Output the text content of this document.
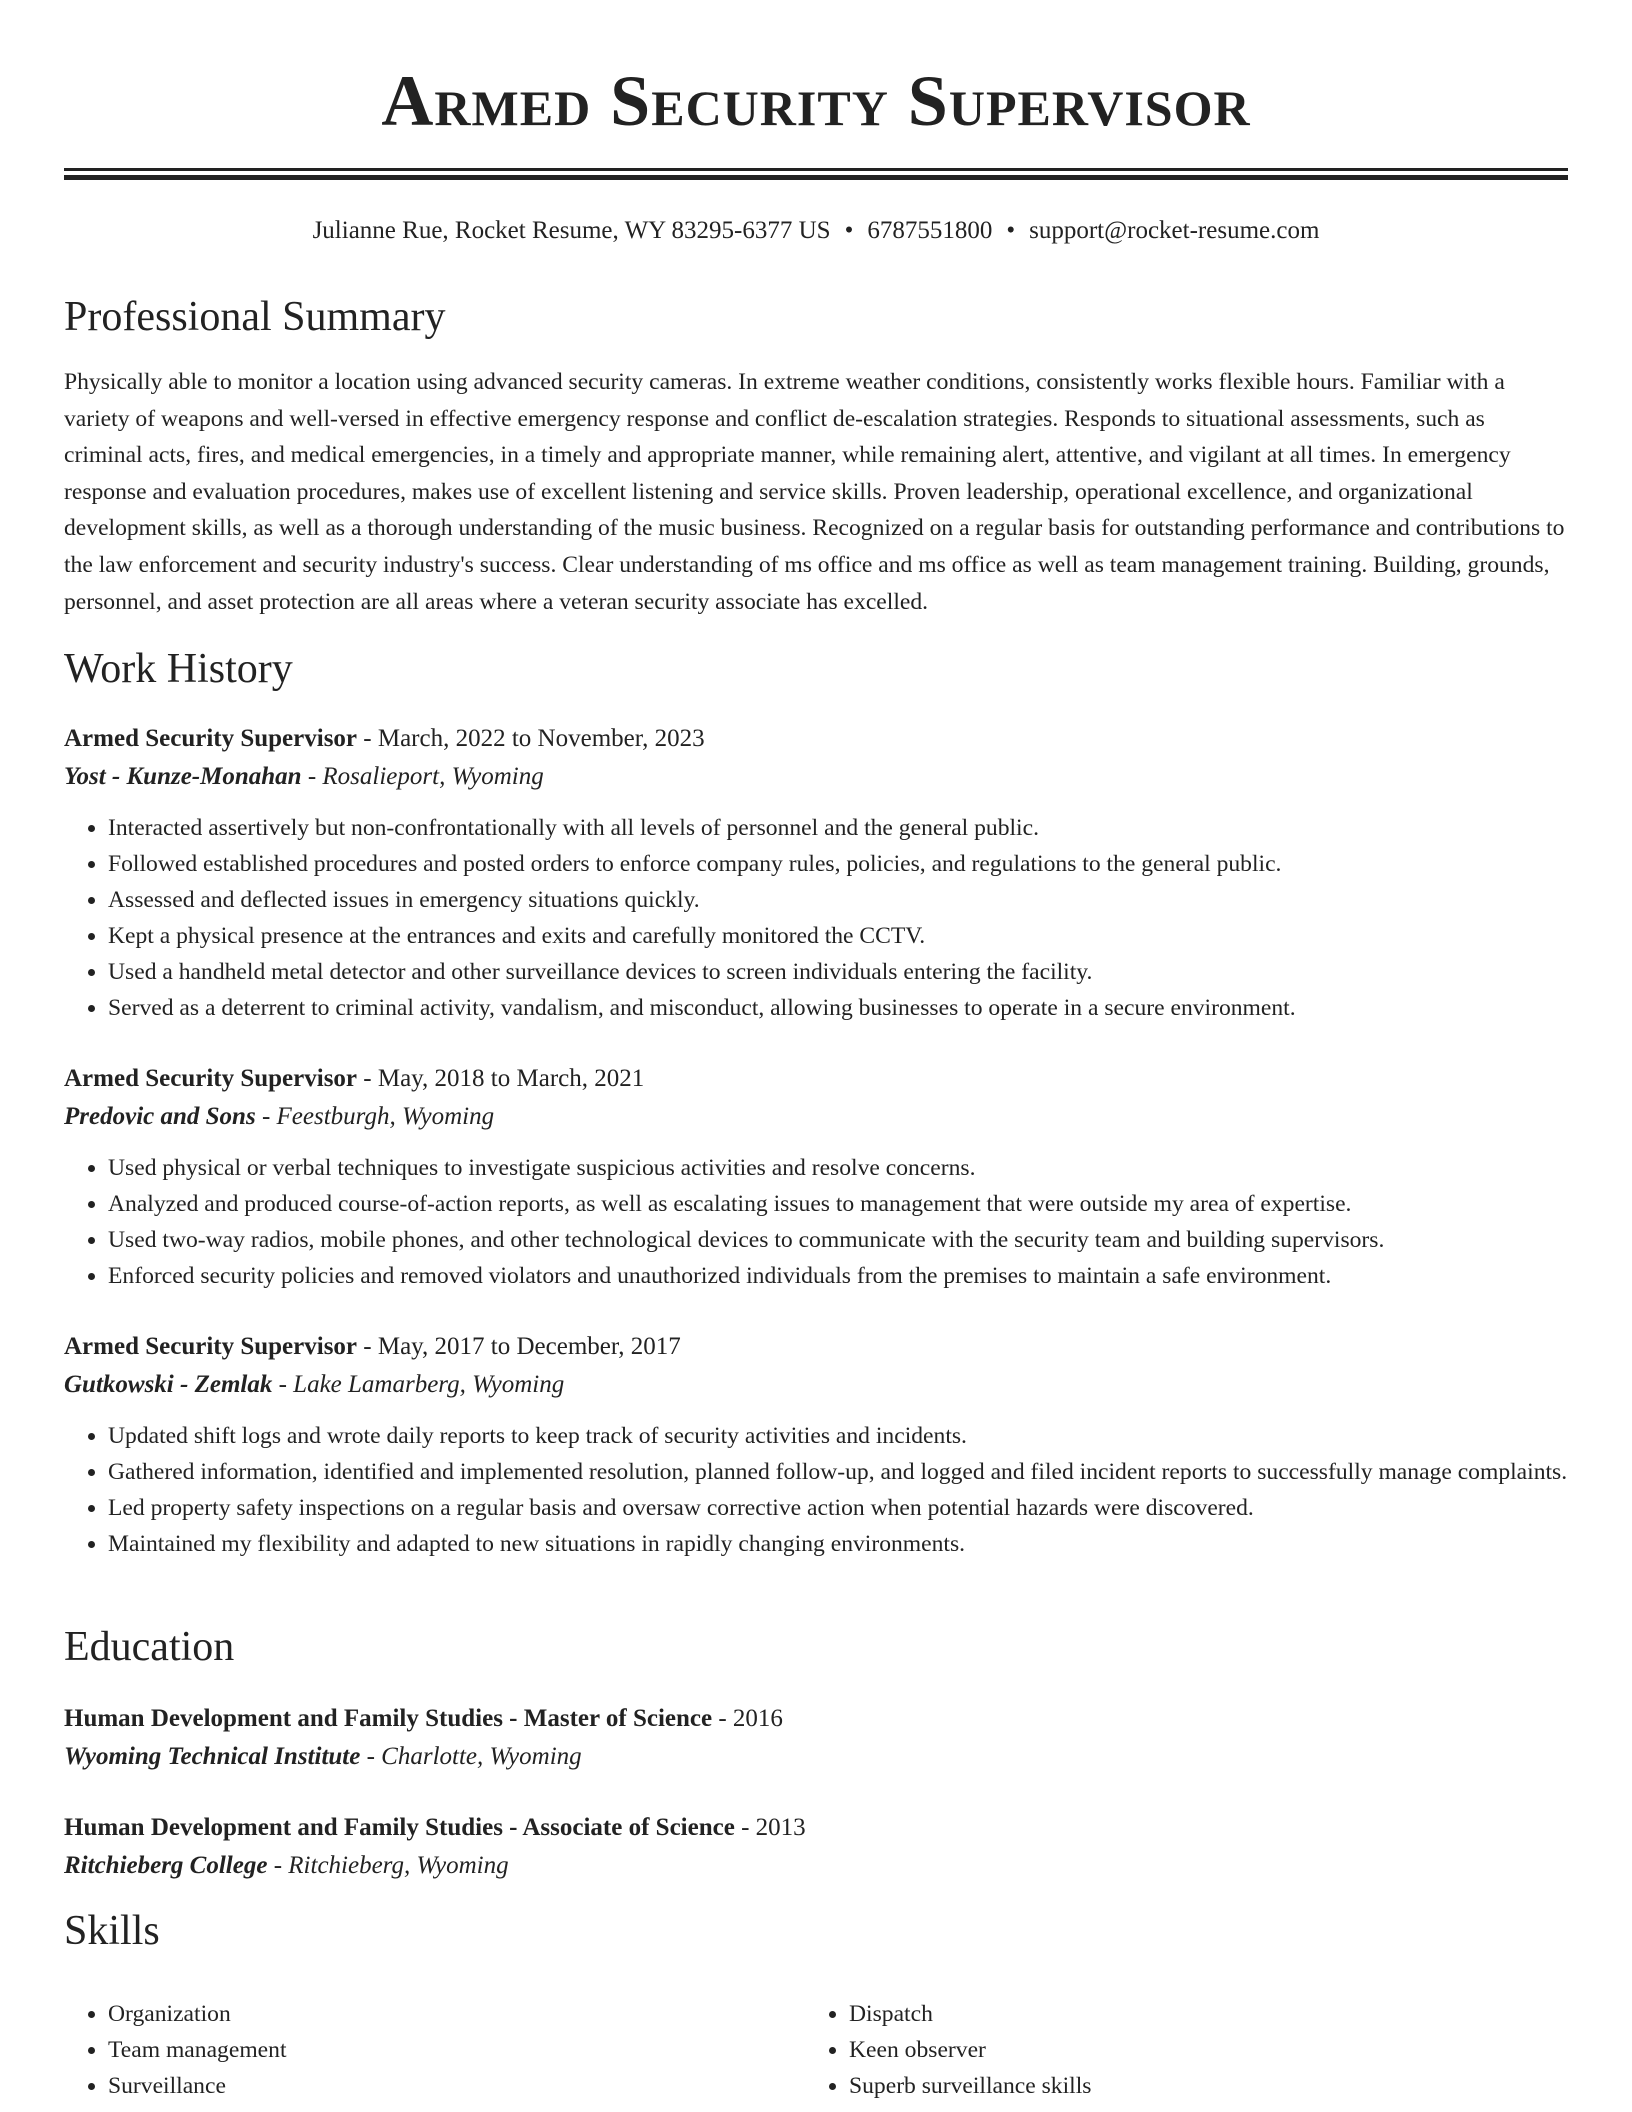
Armed Security Supervisor
Julianne Rue, Rocket Resume, WY 83295-6377 US • 6787551800 • support@rocket-resume.com
Professional Summary

Physically able to monitor a location using advanced security cameras. In extreme weather conditions, consistently works flexible hours. Familiar with a variety of weapons and well-versed in effective emergency response and conflict de-escalation strategies. Responds to situational assessments, such as criminal acts, fires, and medical emergencies, in a timely and appropriate manner, while remaining alert, attentive, and vigilant at all times. In emergency response and evaluation procedures, makes use of excellent listening and service skills. Proven leadership, operational excellence, and organizational development skills, as well as a thorough understanding of the music business. Recognized on a regular basis for outstanding performance and contributions to the law enforcement and security industry's success. Clear understanding of ms office and ms office as well as team management training. Building, grounds, personnel, and asset protection are all areas where a veteran security associate has excelled.

Work History

Armed Security Supervisor - March, 2022 to November, 2023

Yost - Kunze-Monahan - Rosalieport, Wyoming

• Interacted assertively but non-confrontationally with all levels of personnel and the general public.
• Followed established procedures and posted orders to enforce company rules, policies, and regulations to the general public.
• Assessed and deflected issues in emergency situations quickly.
• Kept a physical presence at the entrances and exits and carefully monitored the CCTV.
• Used a handheld metal detector and other surveillance devices to screen individuals entering the facility.
• Served as a deterrent to criminal activity, vandalism, and misconduct, allowing businesses to operate in a secure environment.

Armed Security Supervisor - May, 2018 to March, 2021

Predovic and Sons - Feestburgh, Wyoming

• Used physical or verbal techniques to investigate suspicious activities and resolve concerns.
• Analyzed and produced course-of-action reports, as well as escalating issues to management that were outside my area of expertise.
• Used two-way radios, mobile phones, and other technological devices to communicate with the security team and building supervisors.
• Enforced security policies and removed violators and unauthorized individuals from the premises to maintain a safe environment.

Armed Security Supervisor - May, 2017 to December, 2017

Gutkowski - Zemlak - Lake Lamarberg, Wyoming

• Updated shift logs and wrote daily reports to keep track of security activities and incidents.
• Gathered information, identified and implemented resolution, planned follow-up, and logged and filed incident reports to successfully manage complaints.
• Led property safety inspections on a regular basis and oversaw corrective action when potential hazards were discovered.
• Maintained my flexibility and adapted to new situations in rapidly changing environments.
Education

Human Development and Family Studies - Master of Science - 2016

Wyoming Technical Institute - Charlotte, Wyoming

Human Development and Family Studies - Associate of Science - 2013

Ritchieberg College - Ritchieberg, Wyoming

Skills
• Organization
• Team management
• Surveillance
• Dispatch
• Keen observer
• Superb surveillance skills
